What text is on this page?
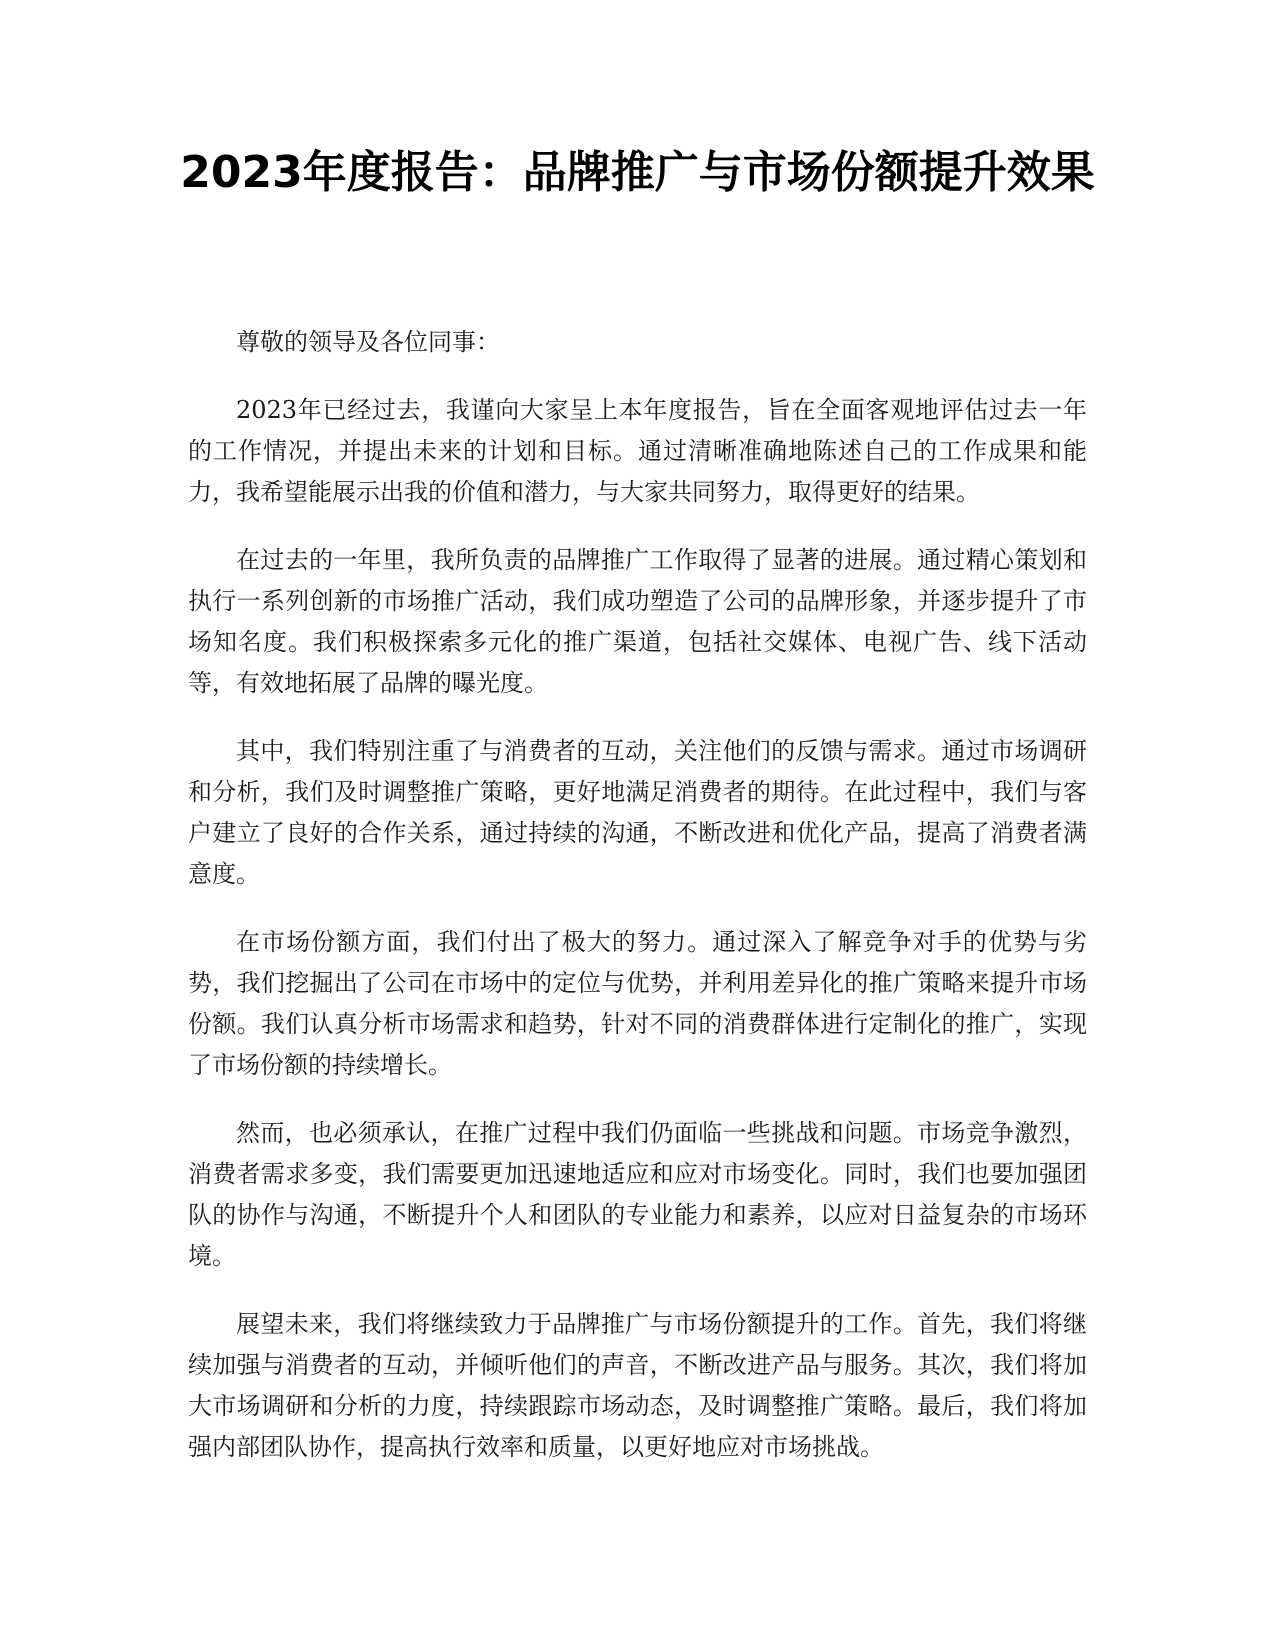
2023年度报告：品牌推广与市场份额提升效果

尊敬的领导及各位同事：

2023年已经过去，我谨向大家呈上本年度报告，旨在全面客观地评估过去一年的工作情况，并提出未来的计划和目标。通过清晰准确地陈述自己的工作成果和能力，我希望能展示出我的价值和潜力，与大家共同努力，取得更好的结果。

在过去的一年里，我所负责的品牌推广工作取得了显著的进展。通过精心策划和执行一系列创新的市场推广活动，我们成功塑造了公司的品牌形象，并逐步提升了市场知名度。我们积极探索多元化的推广渠道，包括社交媒体、电视广告、线下活动等，有效地拓展了品牌的曝光度。

其中，我们特别注重了与消费者的互动，关注他们的反馈与需求。通过市场调研和分析，我们及时调整推广策略，更好地满足消费者的期待。在此过程中，我们与客户建立了良好的合作关系，通过持续的沟通，不断改进和优化产品，提高了消费者满意度。

在市场份额方面，我们付出了极大的努力。通过深入了解竞争对手的优势与劣势，我们挖掘出了公司在市场中的定位与优势，并利用差异化的推广策略来提升市场份额。我们认真分析市场需求和趋势，针对不同的消费群体进行定制化的推广，实现了市场份额的持续增长。

然而，也必须承认，在推广过程中我们仍面临一些挑战和问题。市场竞争激烈，消费者需求多变，我们需要更加迅速地适应和应对市场变化。同时，我们也要加强团队的协作与沟通，不断提升个人和团队的专业能力和素养，以应对日益复杂的市场环境。

展望未来，我们将继续致力于品牌推广与市场份额提升的工作。首先，我们将继续加强与消费者的互动，并倾听他们的声音，不断改进产品与服务。其次，我们将加大市场调研和分析的力度，持续跟踪市场动态，及时调整推广策略。最后，我们将加强内部团队协作，提高执行效率和质量，以更好地应对市场挑战。
